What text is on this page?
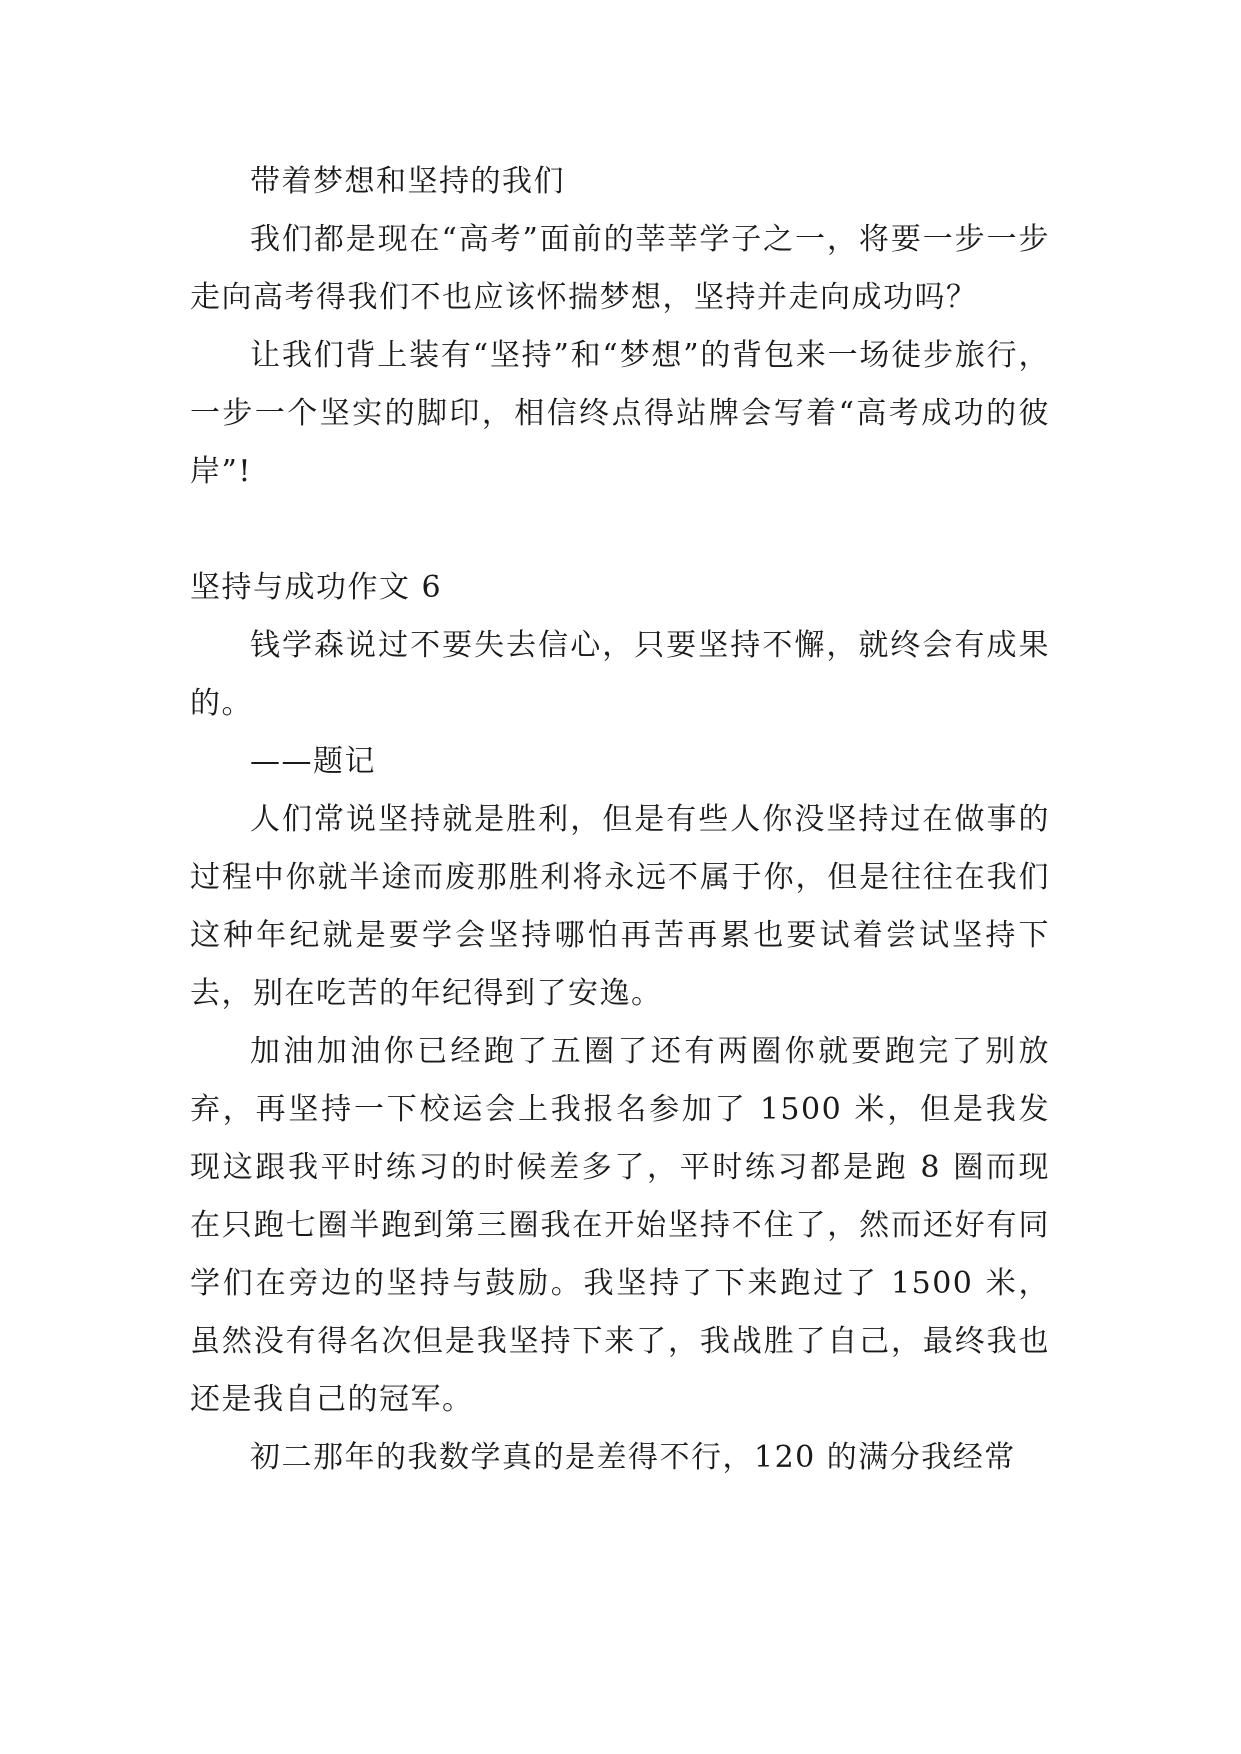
带着梦想和坚持的我们

我们都是现在“高考”面前的莘莘学子之一，将要一步一步走向高考得我们不也应该怀揣梦想，坚持并走向成功吗？

让我们背上装有“坚持”和“梦想”的背包来一场徒步旅行，一步一个坚实的脚印，相信终点得站牌会写着“高考成功的彼岸”!

坚持与成功作文 6

钱学森说过不要失去信心，只要坚持不懈，就终会有成果的。

——题记

人们常说坚持就是胜利，但是有些人你没坚持过在做事的过程中你就半途而废那胜利将永远不属于你，但是往往在我们这种年纪就是要学会坚持哪怕再苦再累也要试着尝试坚持下去，别在吃苦的年纪得到了安逸。

加油加油你已经跑了五圈了还有两圈你就要跑完了别放弃，再坚持一下校运会上我报名参加了 1500 米，但是我发现这跟我平时练习的时候差多了，平时练习都是跑 8 圈而现在只跑七圈半跑到第三圈我在开始坚持不住了，然而还好有同学们在旁边的坚持与鼓励。我坚持了下来跑过了 1500 米，虽然没有得名次但是我坚持下来了，我战胜了自己，最终我也还是我自己的冠军。

初二那年的我数学真的是差得不行，120 的满分我经常
